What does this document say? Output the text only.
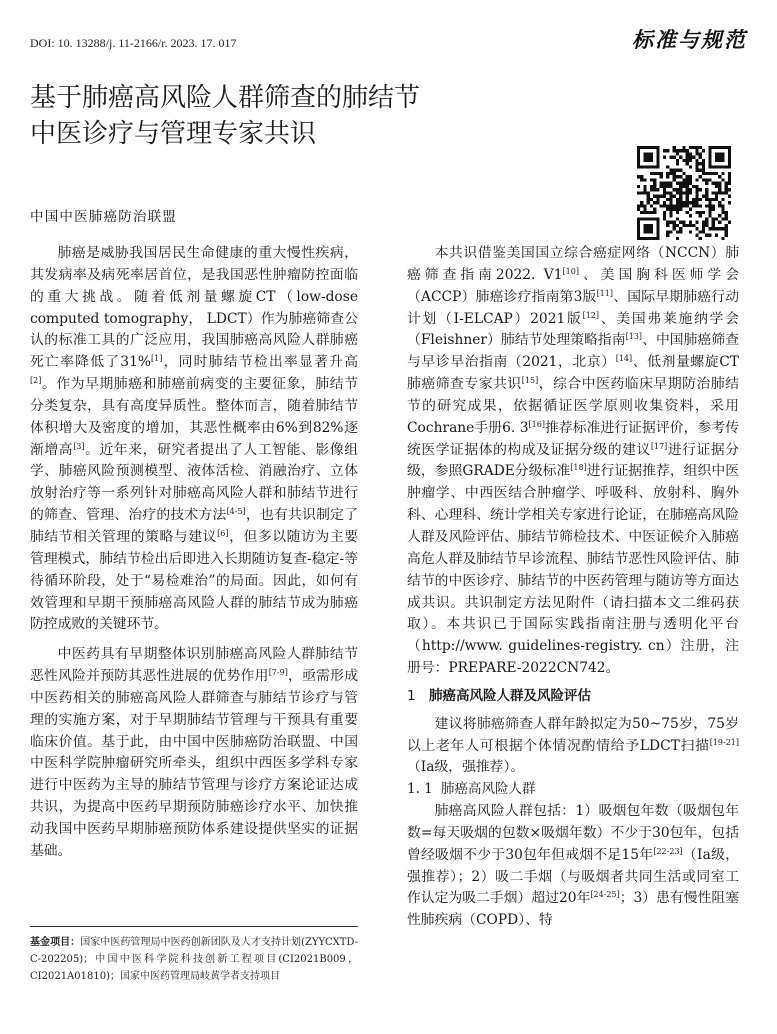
DOI: 10. 13288/j. 11-2166/r. 2023. 17. 017	标准与规范
基于肺癌高风险人群筛查的肺结节
中医诊疗与管理专家共识
中国中医肺癌防治联盟

肺癌是威胁我国居民生命健康的重大慢性疾病，其发病率及病死率居首位，是我国恶性肿瘤防控面临的重大挑战。随着低剂量螺旋CT（low-dose computed tomography， LDCT）作为肺癌筛查公认的标准工具的广泛应用，我国肺癌高风险人群肺癌死亡率降低了31%[1]，同时肺结节检出率显著升高[2]。作为早期肺癌和肺癌前病变的主要征象，肺结节分类复杂，具有高度异质性。整体而言，随着肺结节体积增大及密度的增加，其恶性概率由6%到82%逐渐增高[3]。近年来，研究者提出了人工智能、影像组学、肺癌风险预测模型、液体活检、消融治疗、立体放射治疗等一系列针对肺癌高风险人群和肺结节进行的筛查、管理、治疗的技术方法[4-5]，也有共识制定了肺结节相关管理的策略与建议[6]，但多以随访为主要管理模式，肺结节检出后即进入长期随访复查-稳定-等待循环阶段，处于“易检难治”的局面。因此，如何有效管理和早期干预肺癌高风险人群的肺结节成为肺癌防控成败的关键环节。

中医药具有早期整体识别肺癌高风险人群肺结节恶性风险并预防其恶性进展的优势作用[7-9]，亟需形成中医药相关的肺癌高风险人群筛查与肺结节诊疗与管理的实施方案，对于早期肺结节管理与干预具有重要临床价值。基于此，由中国中医肺癌防治联盟、中国中医科学院肿瘤研究所牵头，组织中西医多学科专家进行中医药为主导的肺结节管理与诊疗方案论证达成共识，为提高中医药早期预防肺癌诊疗水平、加快推动我国中医药早期肺癌预防体系建设提供坚实的证据基础。

本共识借鉴美国国立综合癌症网络（NCCN）肺癌筛查指南2022. V1[10]、美国胸科医师学会（ACCP）肺癌诊疗指南第3版[11]、国际早期肺癌行动计划（I-ELCAP）2021版[12]、美国弗莱施纳学会（Fleishner）肺结节处理策略指南[13]、中国肺癌筛查与早诊早治指南（2021，北京）[14]、低剂量螺旋CT肺癌筛查专家共识[15]，综合中医药临床早期防治肺结节的研究成果，依据循证医学原则收集资料，采用Cochrane手册6. 3[16]推荐标准进行证据评价，参考传统医学证据体的构成及证据分级的建议[17]进行证据分级，参照GRADE分级标准[18]进行证据推荐，组织中医肿瘤学、中西医结合肿瘤学、呼吸科、放射科、胸外科、心理科、统计学相关专家进行论证，在肺癌高风险人群及风险评估、肺结节筛检技术、中医证候介入肺癌高危人群及肺结节早诊流程、肺结节恶性风险评估、肺结节的中医诊疗、肺结节的中医药管理与随访等方面达成共识。共识制定方法见附件（请扫描本文二维码获取）。本共识已于国际实践指南注册与透明化平台（http://www. guidelines-registry. cn）注册，注册号：PREPARE-2022CN742。

1 肺癌高风险人群及风险评估

建议将肺癌筛查人群年龄拟定为50~75岁，75岁以上老年人可根据个体情况酌情给予LDCT扫描[19-21]（Ⅰa级，强推荐）。

1. 1 肺癌高风险人群

肺癌高风险人群包括：1）吸烟包年数（吸烟包年数=每天吸烟的包数×吸烟年数）不少于30包年，包括曾经吸烟不少于30包年但戒烟不足15年[22-23]（Ⅰa级，强推荐）；2）吸二手烟（与吸烟者共同生活或同室工作认定为吸二手烟）超过20年[24-25]；3）患有慢性阻塞性肺疾病（COPD）、特

基金项目：国家中医药管理局中医药创新团队及人才支持计划(ZYYCXTD-C-202205)；中国中医科学院科技创新工程项目(CI2021B009，CI2021A01810)；国家中医药管理局岐黄学者支持项目
